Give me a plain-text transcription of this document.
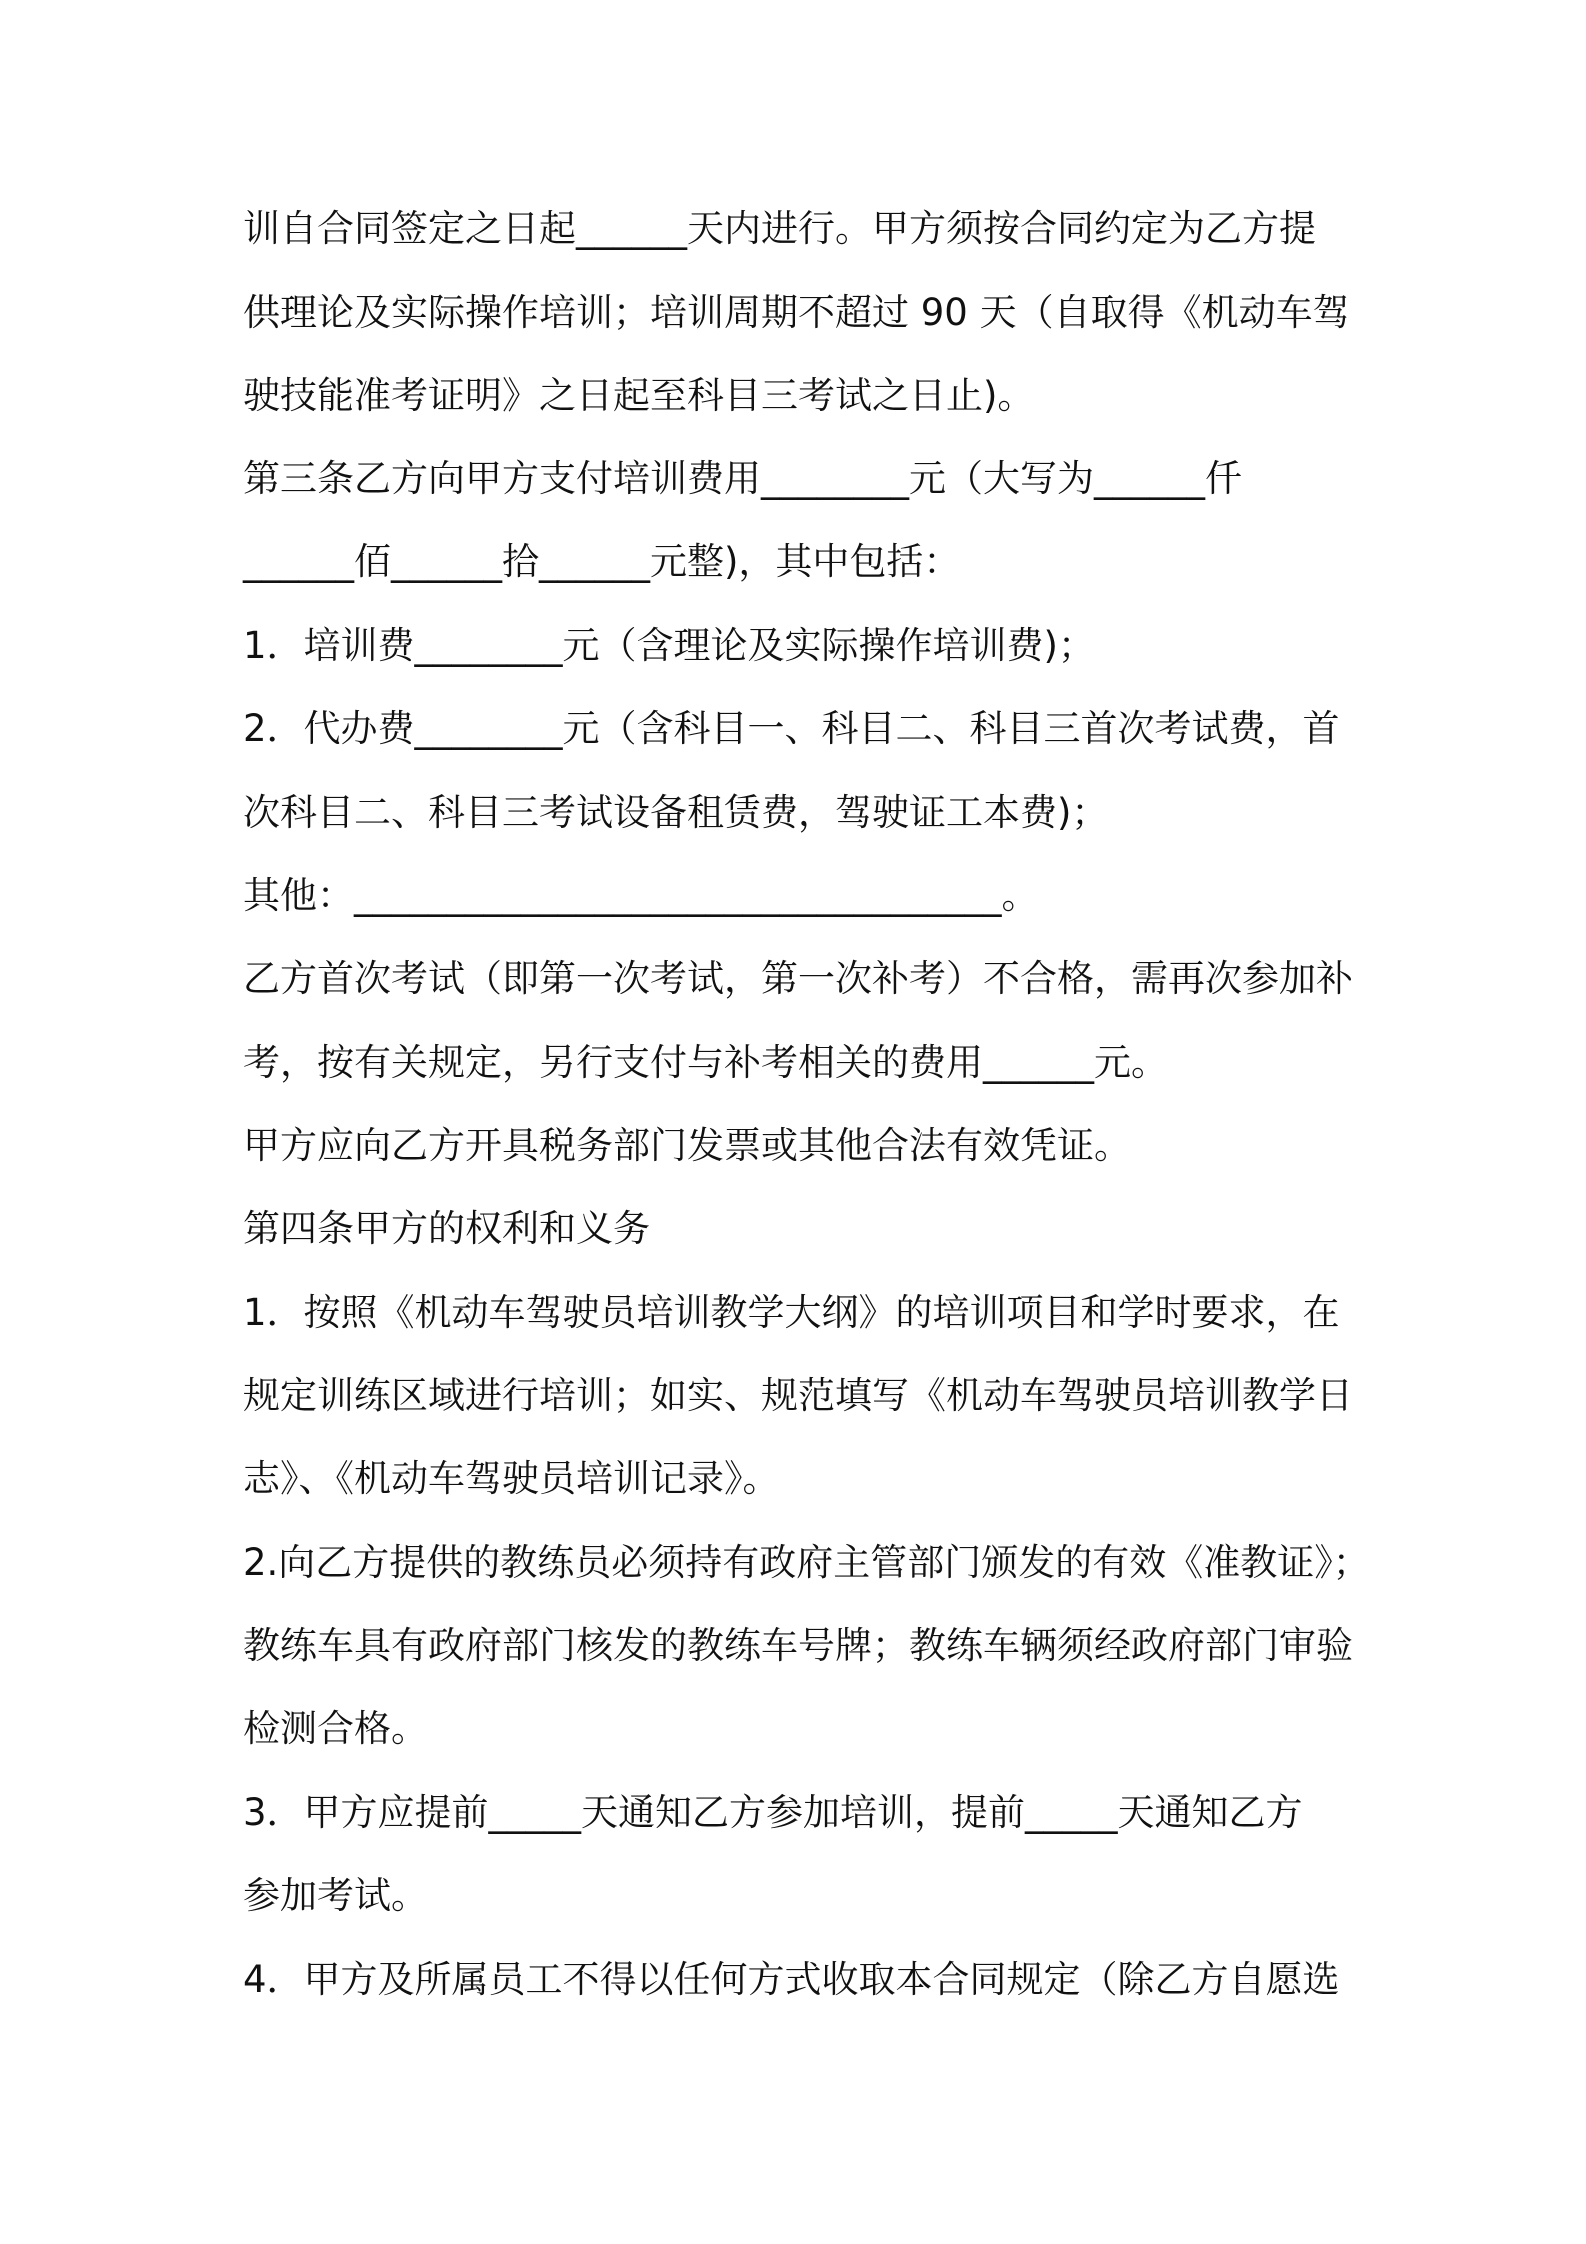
训自合同签定之日起______天内进行。甲方须按合同约定为乙方提
供理论及实际操作培训；培训周期不超过 90 天（自取得《机动车驾
驶技能准考证明》之日起至科目三考试之日止)。
第三条乙方向甲方支付培训费用________元（大写为______仟
______佰______拾______元整)，其中包括：
1．培训费________元（含理论及实际操作培训费)；
2．代办费________元（含科目一、科目二、科目三首次考试费，首
次科目二、科目三考试设备租赁费，驾驶证工本费)；
其他：___________________________________。
乙方首次考试（即第一次考试，第一次补考）不合格，需再次参加补
考，按有关规定，另行支付与补考相关的费用______元。
甲方应向乙方开具税务部门发票或其他合法有效凭证。
第四条甲方的权利和义务
1．按照《机动车驾驶员培训教学大纲》的培训项目和学时要求，在
规定训练区域进行培训；如实、规范填写《机动车驾驶员培训教学日
志》、《机动车驾驶员培训记录》。
2.向乙方提供的教练员必须持有政府主管部门颁发的有效《准教证》；
教练车具有政府部门核发的教练车号牌；教练车辆须经政府部门审验
检测合格。
3．甲方应提前_____天通知乙方参加培训，提前_____天通知乙方
参加考试。
4．甲方及所属员工不得以任何方式收取本合同规定（除乙方自愿选
